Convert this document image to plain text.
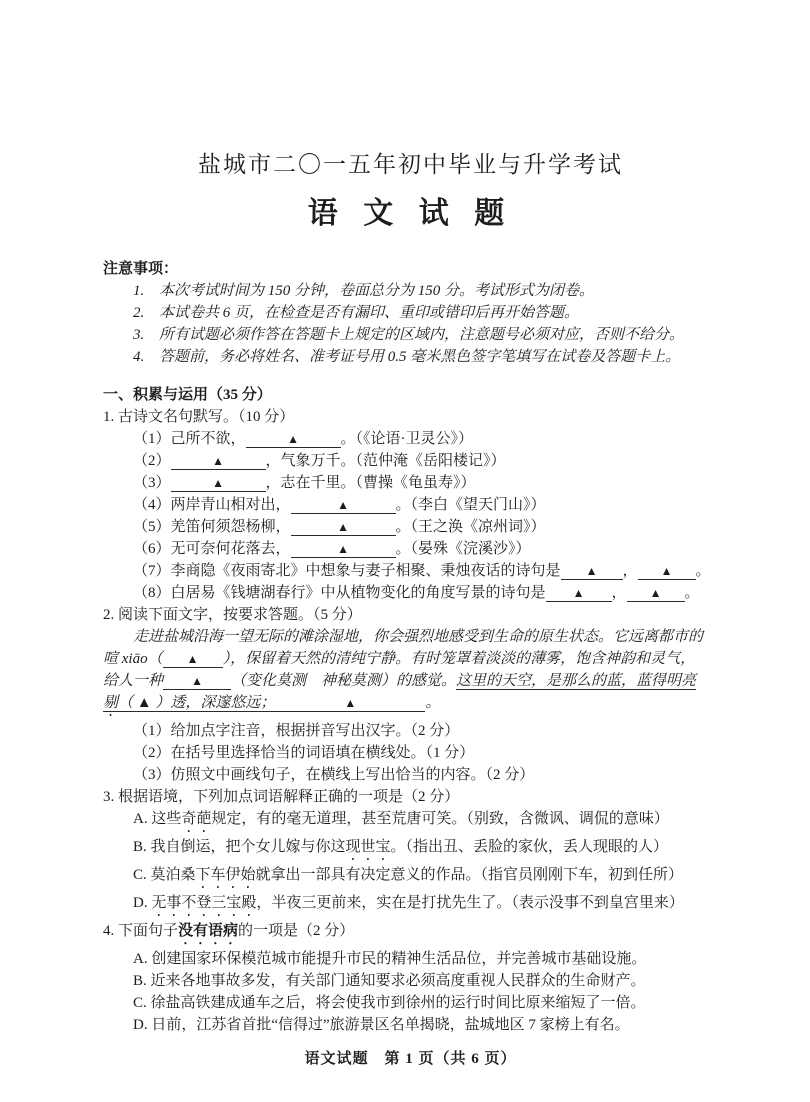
盐城市二〇一五年初中毕业与升学考试
语 文 试 题
注意事项：
1. 本次考试时间为 150 分钟，卷面总分为 150 分。考试形式为闭卷。
2. 本试卷共 6 页，在检查是否有漏印、重印或错印后再开始答题。
3. 所有试题必须作答在答题卡上规定的区域内，注意题号必须对应，否则不给分。
4. 答题前，务必将姓名、准考证号用 0.5 毫米黑色签字笔填写在试卷及答题卡上。
一、积累与运用（35 分）
1. 古诗文名句默写。（10 分）
（1）己所不欲，	▲	。（《论语·卫灵公》）
（2）	▲	，气象万千。（范仲淹《岳阳楼记》）
（3）	▲	，志在千里。（曹操《龟虽寿》）
（4）两岸青山相对出，	▲	。（李白《望天门山》）
（5）羌笛何须怨杨柳，	▲	。（王之涣《凉州词》）
（6）无可奈何花落去，	▲	。（晏殊《浣溪沙》）
（7）李商隐《夜雨寄北》中想象与妻子相聚、秉烛夜话的诗句是 ▲ ， ▲ 。
（8）白居易《钱塘湖春行》中从植物变化的角度写景的诗句是 ▲ ， ▲ 。
2. 阅读下面文字，按要求答题。（5 分）
走进盐城沿海一望无际的滩涂湿地，你会强烈地感受到生命的原生状态。它远离都市的
喧 xiāo（ ▲ ），保留着天然的清纯宁静。有时笼罩着淡淡的薄雾，饱含神韵和灵气，
给人一种 ▲ （变化莫测　神秘莫测）的感觉。这里的天空，是那么的蓝，蓝得明亮
剔（ ▲ ）透，深邃悠远；	▲	。
（1）给加点字注音，根据拼音写出汉字。（2 分）
（2）在括号里选择恰当的词语填在横线处。（1 分）
（3）仿照文中画线句子，在横线上写出恰当的内容。（2 分）
3. 根据语境，下列加点词语解释正确的一项是（2 分）
A. 这些奇葩规定，有的毫无道理，甚至荒唐可笑。（别致，含微讽、调侃的意味）
B. 我自倒运，把个女儿嫁与你这现世宝。（指出丑、丢脸的家伙，丢人现眼的人）
C. 莫泊桑下车伊始就拿出一部具有决定意义的作品。（指官员刚刚下车，初到任所）
D. 无事不登三宝殿，半夜三更前来，实在是打扰先生了。（表示没事不到皇宫里来）
4. 下面句子没有语病的一项是（2 分）
A. 创建国家环保模范城市能提升市民的精神生活品位，并完善城市基础设施。
B. 近来各地事故多发，有关部门通知要求必须高度重视人民群众的生命财产。
C. 徐盐高铁建成通车之后，将会使我市到徐州的运行时间比原来缩短了一倍。
D. 日前，江苏省首批“信得过”旅游景区名单揭晓，盐城地区 7 家榜上有名。
语文试题　第 1 页（共 6 页）
